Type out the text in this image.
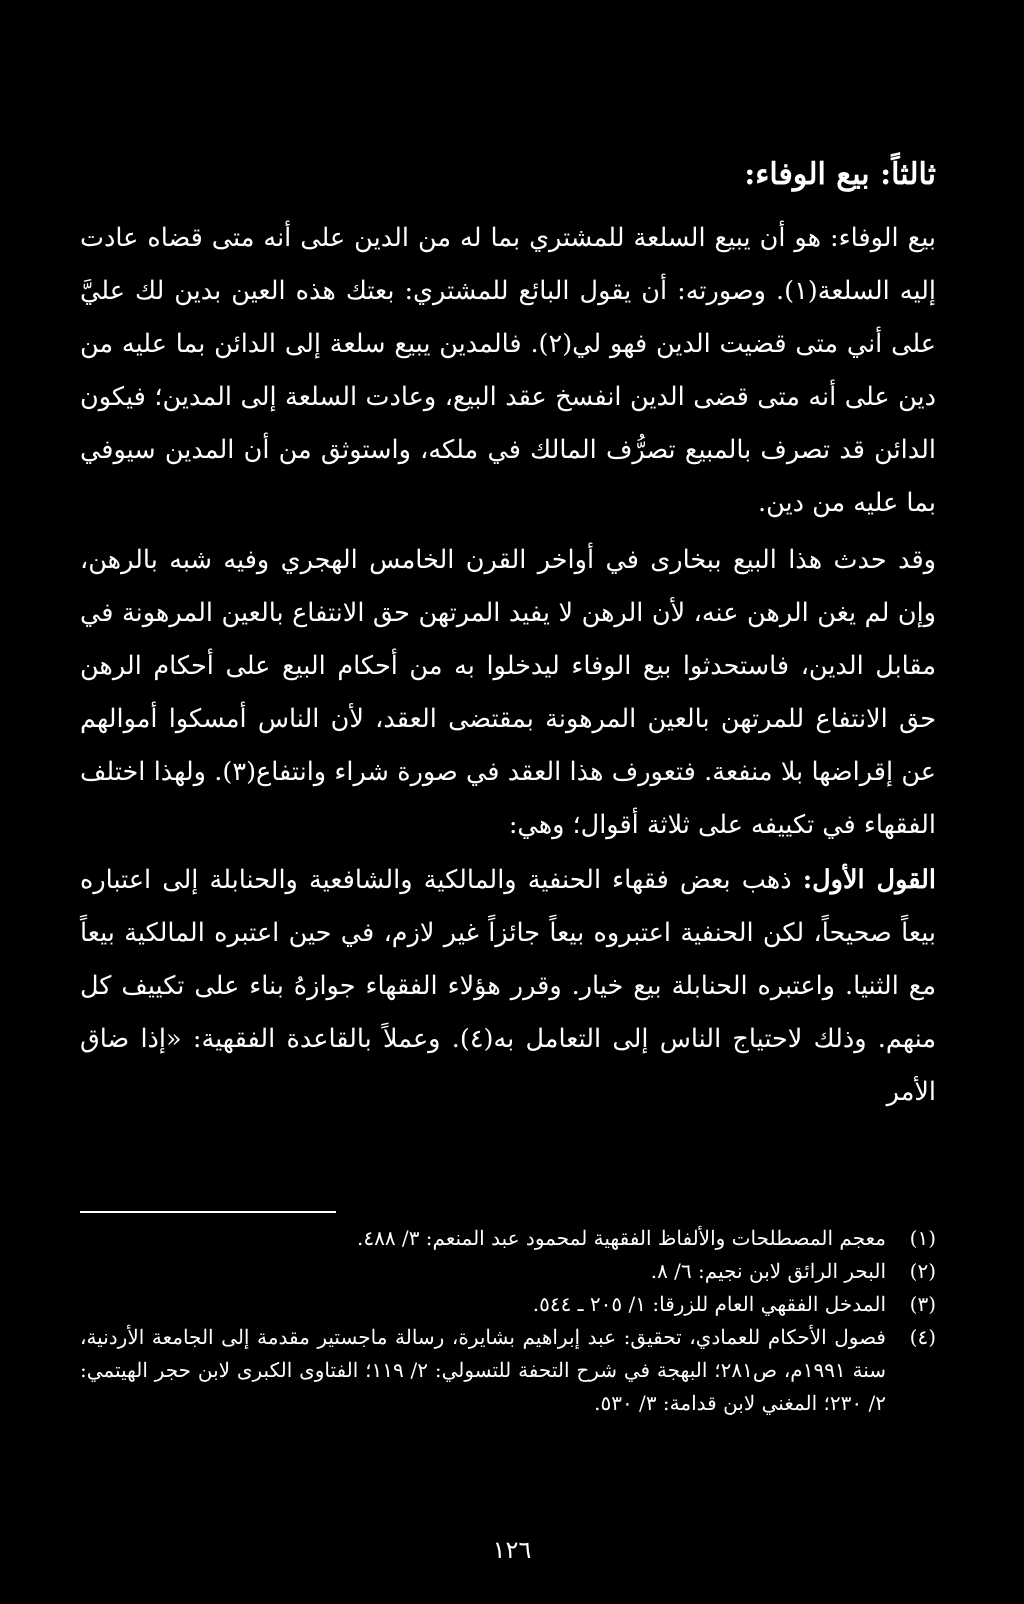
ثالثاً: بيع الوفاء:

بيع الوفاء: هو أن يبيع السلعة للمشتري بما له من الدين على أنه متى قضاه عادت إليه السلعة(١). وصورته: أن يقول البائع للمشتري: بعتك هذه العين بدين لك عليَّ على أني متى قضيت الدين فهو لي(٢). فالمدين يبيع سلعة إلى الدائن بما عليه من دين على أنه متى قضى الدين انفسخ عقد البيع، وعادت السلعة إلى المدين؛ فيكون الدائن قد تصرف بالمبيع تصرُّف المالك في ملكه، واستوثق من أن المدين سيوفي بما عليه من دين.

وقد حدث هذا البيع ببخارى في أواخر القرن الخامس الهجري وفيه شبه بالرهن، وإن لم يغن الرهن عنه، لأن الرهن لا يفيد المرتهن حق الانتفاع بالعين المرهونة في مقابل الدين، فاستحدثوا بيع الوفاء ليدخلوا به من أحكام البيع على أحكام الرهن حق الانتفاع للمرتهن بالعين المرهونة بمقتضى العقد، لأن الناس أمسكوا أموالهم عن إقراضها بلا منفعة. فتعورف هذا العقد في صورة شراء وانتفاع(٣). ولهذا اختلف الفقهاء في تكييفه على ثلاثة أقوال؛ وهي:

القول الأول: ذهب بعض فقهاء الحنفية والمالكية والشافعية والحنابلة إلى اعتباره بيعاً صحيحاً، لكن الحنفية اعتبروه بيعاً جائزاً غير لازم، في حين اعتبره المالكية بيعاً مع الثنيا. واعتبره الحنابلة بيع خيار. وقرر هؤلاء الفقهاء جوازهُ بناء على تكييف كل منهم. وذلك لاحتياج الناس إلى التعامل به(٤). وعملاً بالقاعدة الفقهية: «إذا ضاق الأمر

(١)
معجم المصطلحات والألفاظ الفقهية لمحمود عبد المنعم: ٣/ ٤٨٨.
(٢)
البحر الرائق لابن نجيم: ٦/ ٨.
(٣)
المدخل الفقهي العام للزرقا: ١/ ٢٠٥ ـ ٥٤٤.
(٤)
فصول الأحكام للعمادي، تحقيق: عبد إبراهيم بشايرة، رسالة ماجستير مقدمة إلى الجامعة الأردنية، سنة ١٩٩١م، ص٢٨١؛ البهجة في شرح التحفة للتسولي: ٢/ ١١٩؛ الفتاوى الكبرى لابن حجر الهيتمي: ٢/ ٢٣٠؛ المغني لابن قدامة: ٣/ ٥٣٠.
١٢٦
